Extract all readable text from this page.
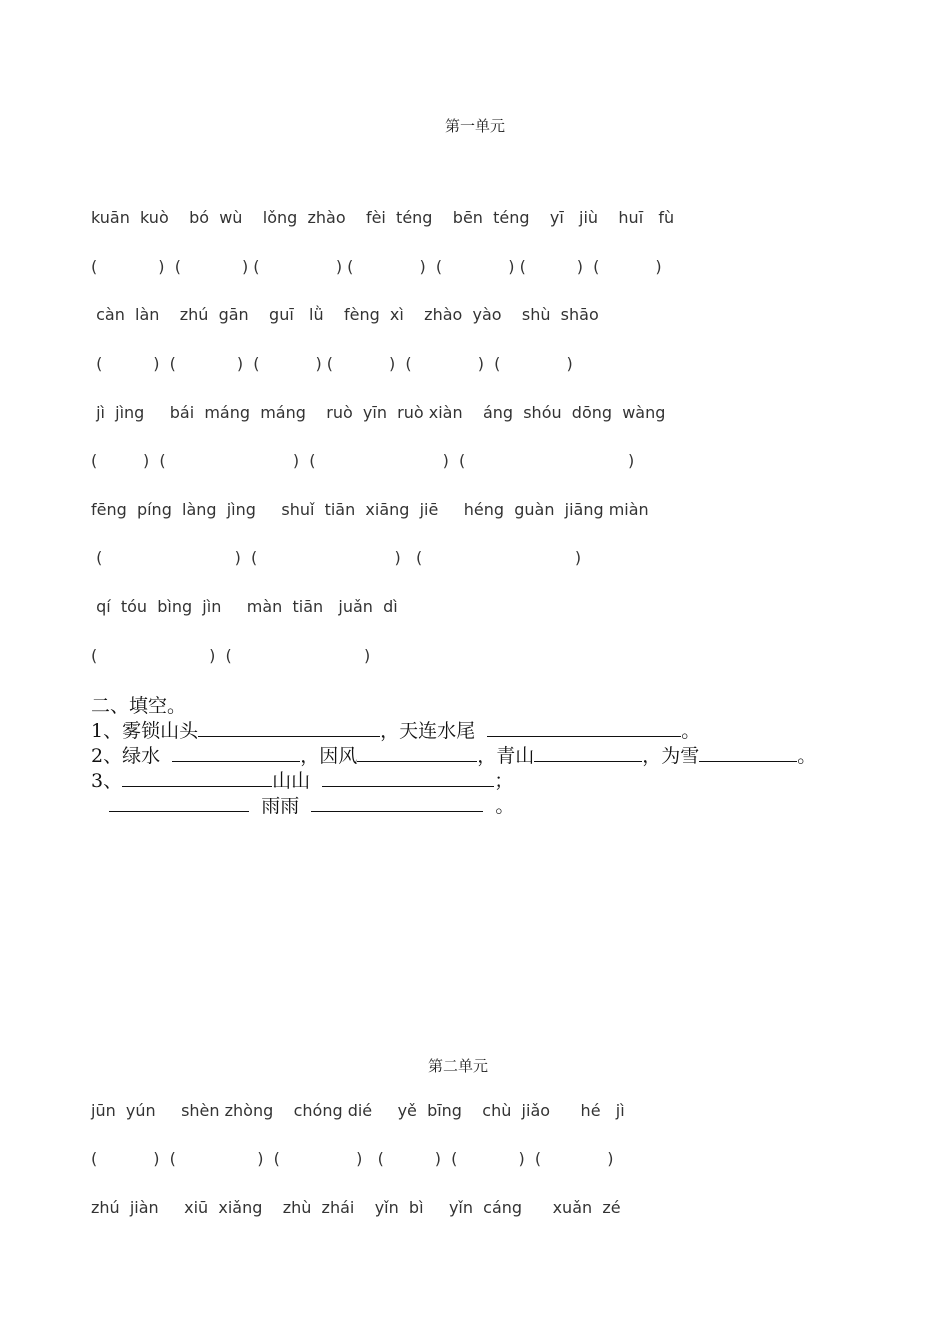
第一单元
kuān  kuò    bó  wù    lǒng  zhào    fèi  téng    bēn  téng    yī   jiù    huī   fù
(            )  (            ) (               ) (             )  (             ) (          )  (           )
càn  làn    zhú  gān    guī   lǜ    fèng  xì    zhào  yào    shù  shāo
(          )  (            )  (           ) (           )  (             )  (             )
jì  jìng     bái  máng  máng    ruò  yīn  ruò xiàn    áng  shóu  dōng  wàng
(         )  (                         )  (                         )  (                                )
fēng  píng  làng  jìng     shuǐ  tiān  xiāng  jiē     héng  guàn  jiāng miàn
(                          )  (                           )   (                              )
qí  tóu  bìng  jìn     màn  tiān   juǎn  dì
(                      )  (                          )
二、填空。
1、雾锁山头	，天连水尾	。
2、绿水	，因风	，青山	，为雪	。
3、	山山	；
雨雨	。
第二单元
jūn  yún     shèn zhòng    chóng dié     yě  bīng    chù  jiǎo      hé   jì
(           )  (                )  (               )   (          )  (            )  (             )
zhú  jiàn     xiū  xiǎng    zhù  zhái    yǐn  bì     yǐn  cáng      xuǎn  zé
